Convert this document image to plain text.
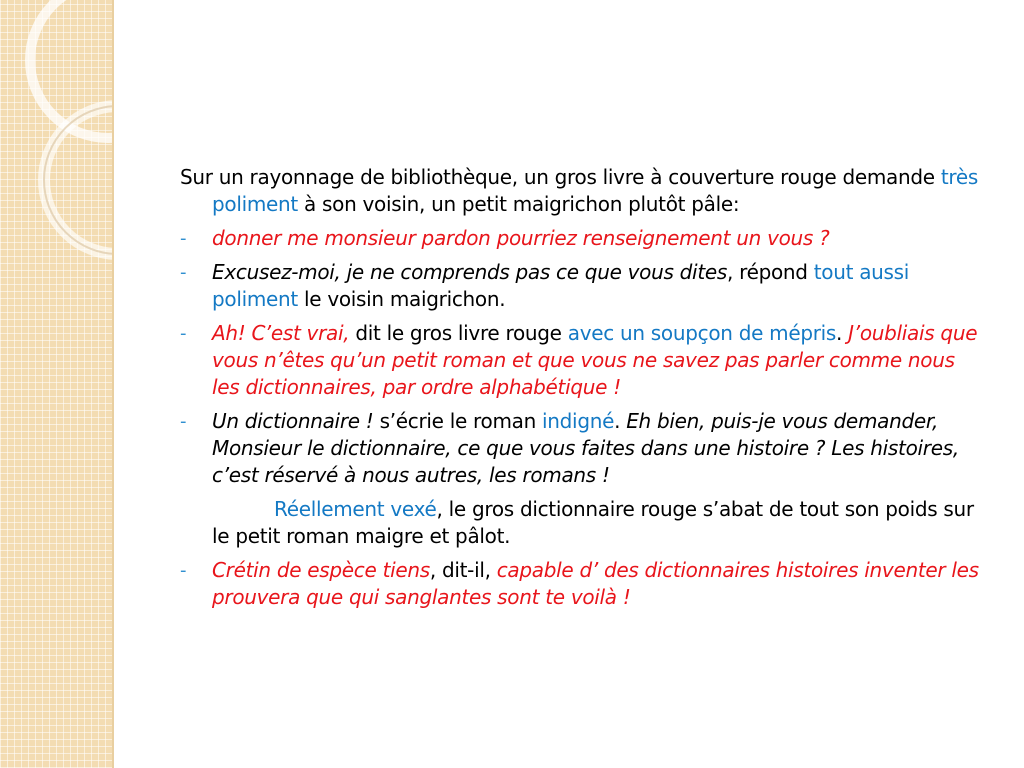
Sur un rayonnage de bibliothèque, un gros livre à couverture rouge demande très poliment à son voisin, un petit maigrichon plutôt pâle:
- donner me monsieur pardon pourriez renseignement un vous ?
- Excusez-moi, je ne comprends pas ce que vous dites, répond tout aussi poliment le voisin maigrichon.
- Ah! C’est vrai, dit le gros livre rouge avec un soupçon de mépris. J’oubliais que vous n’êtes qu’un petit roman et que vous ne savez pas parler comme nous les dictionnaires, par ordre alphabétique !
- Un dictionnaire ! s’écrie le roman indigné. Eh bien, puis-je vous demander, Monsieur le dictionnaire, ce que vous faites dans une histoire ? Les histoires, c’est réservé à nous autres, les romans !
Réellement vexé, le gros dictionnaire rouge s’abat de tout son poids sur le petit roman maigre et pâlot.
- Crétin de espèce tiens, dit-il, capable d’ des dictionnaires histoires inventer les prouvera que qui sanglantes sont te voilà !
